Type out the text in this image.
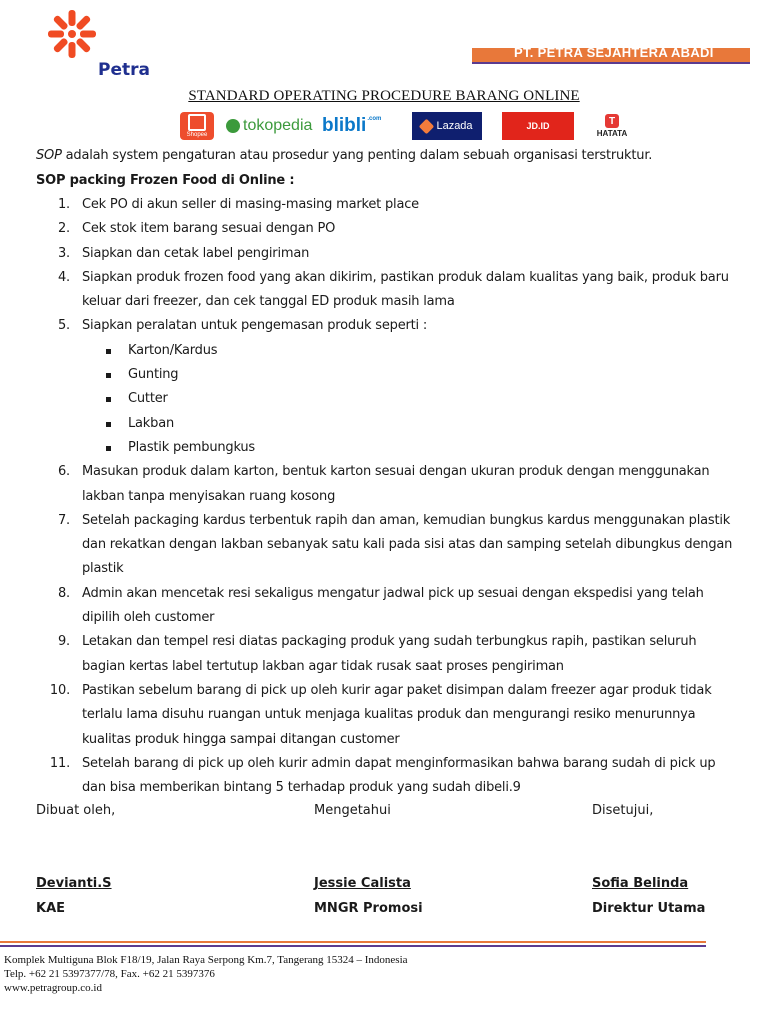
Petra
PT. PETRA SEJAHTERA ABADI
STANDARD OPERATING PROCEDURE BARANG ONLINE
Shopee
tokopedia blibli .com
Lazada	JD.ID	T
HATATA
SOP adalah system pengaturan atau prosedur yang penting dalam sebuah organisasi terstruktur.
SOP packing Frozen Food di Online :
1. Cek PO di akun seller di masing-masing market place
2. Cek stok item barang sesuai dengan PO
3. Siapkan dan cetak label pengiriman
4. Siapkan produk frozen food yang akan dikirim, pastikan produk dalam kualitas yang baik, produk baru
keluar dari freezer, dan cek tanggal ED produk masih lama
5. Siapkan peralatan untuk pengemasan produk seperti :
Karton/Kardus
Gunting
Cutter
Lakban
Plastik pembungkus
6. Masukan produk dalam karton, bentuk karton sesuai dengan ukuran produk dengan menggunakan
lakban tanpa menyisakan ruang kosong
7. Setelah packaging kardus terbentuk rapih dan aman, kemudian bungkus kardus menggunakan plastik
dan rekatkan dengan lakban sebanyak satu kali pada sisi atas dan samping setelah dibungkus dengan
plastik
8. Admin akan mencetak resi sekaligus mengatur jadwal pick up sesuai dengan ekspedisi yang telah
dipilih oleh customer
9. Letakan dan tempel resi diatas packaging produk yang sudah terbungkus rapih, pastikan seluruh
bagian kertas label tertutup lakban agar tidak rusak saat proses pengiriman
10. Pastikan sebelum barang di pick up oleh kurir agar paket disimpan dalam freezer agar produk tidak
terlalu lama disuhu ruangan untuk menjaga kualitas produk dan mengurangi resiko menurunnya
kualitas produk hingga sampai ditangan customer
11. Setelah barang di pick up oleh kurir admin dapat menginformasikan bahwa barang sudah di pick up
dan bisa memberikan bintang 5 terhadap produk yang sudah dibeli.9
Dibuat oleh,	Mengetahui	Disetujui,
Devianti.S	Jessie Calista	Sofia Belinda
KAE	MNGR Promosi	Direktur Utama
Komplek Multiguna Blok F18/19, Jalan Raya Serpong Km.7, Tangerang 15324 – Indonesia
Telp. +62 21 5397377/78, Fax. +62 21 5397376
www.petragroup.co.id
